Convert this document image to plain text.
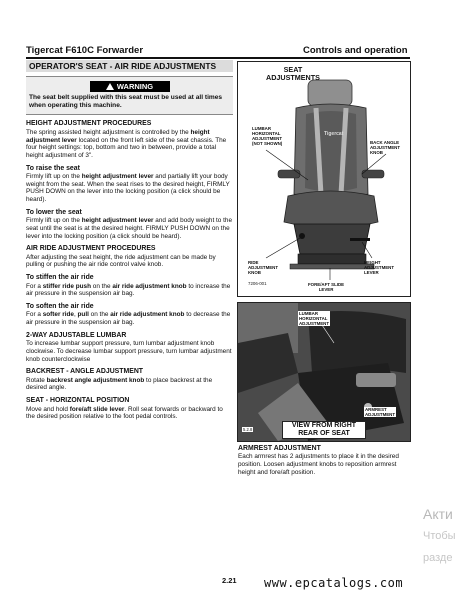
Tigercat F610C Forwarder	Controls and operation
OPERATOR'S SEAT - AIR RIDE ADJUSTMENTS
WARNING
The seat belt supplied with this seat must be used at all times when operating this machine.
HEIGHT ADJUSTMENT PROCEDURES
The spring assisted height adjustment is controlled by the height adjustment lever located on the front left side of the seat chassis. The four height settings: top, bottom and two in between, provide a total height adjustment of 3".
To raise the seat
Firmly lift up on the height adjustment lever and partially lift your body weight from the seat. When the seat rises to the desired height, FIRMLY PUSH DOWN on the lever into the locking position (a click should be heard).
To lower the seat
Firmly lift up on the height adjustment lever and add body weight to the seat until the seat is at the desired height. FIRMLY PUSH DOWN on the lever into the locking position (a click should be heard).
AIR RIDE ADJUSTMENT PROCEDURES
After adjusting the seat height, the ride adjustment can be made by pulling or pushing the air ride control valve knob.
To stiffen the air ride
For a stiffer ride push on the air ride adjustment knob to increase the air pressure in the suspension air bag.
To soften the air ride
For a softer ride, pull on the air ride adjustment knob to decrease the air pressure in the suspension air bag.
2-WAY ADJUSTABLE LUMBAR
To increase lumbar support pressure, turn lumbar adjustment knob clockwise. To decrease lumbar support pressure, turn lumbar adjustment knob counterclockwise
BACKREST - ANGLE ADJUSTMENT
Rotate backrest angle adjustment knob to place backrest at the desired angle.
SEAT - HORIZONTAL POSITION
Move and hold fore/aft slide lever. Roll seat forwards or backward to the desired position relative to the foot pedal controls.
SEAT
ADJUSTMENTS
Tigercat
LUMBAR
HORIZONTAL
ADJUSTMENT
(NOT SHOWN)	BACK ANGLE
ADJUSTMENT
KNOB
RIDE
ADJUSTMENT
KNOB
HEIGHT
ADJUSTMENT
LEVER
FORE/AFT SLIDE
LEVER
7206-001
LUMBAR
HORIZONTAL
ADJUSTMENT
ARMREST
ADJUSTMENT
VIEW FROM RIGHT
REAR OF SEAT
5.2.8
ARMREST ADJUSTMENT
Each armrest has 2 adjustments to place it in the desired position. Loosen adjustment knobs to reposition armrest height and fore/aft position.
2.21 www.epcatalogs.com
Акти
Чтобы
разде
